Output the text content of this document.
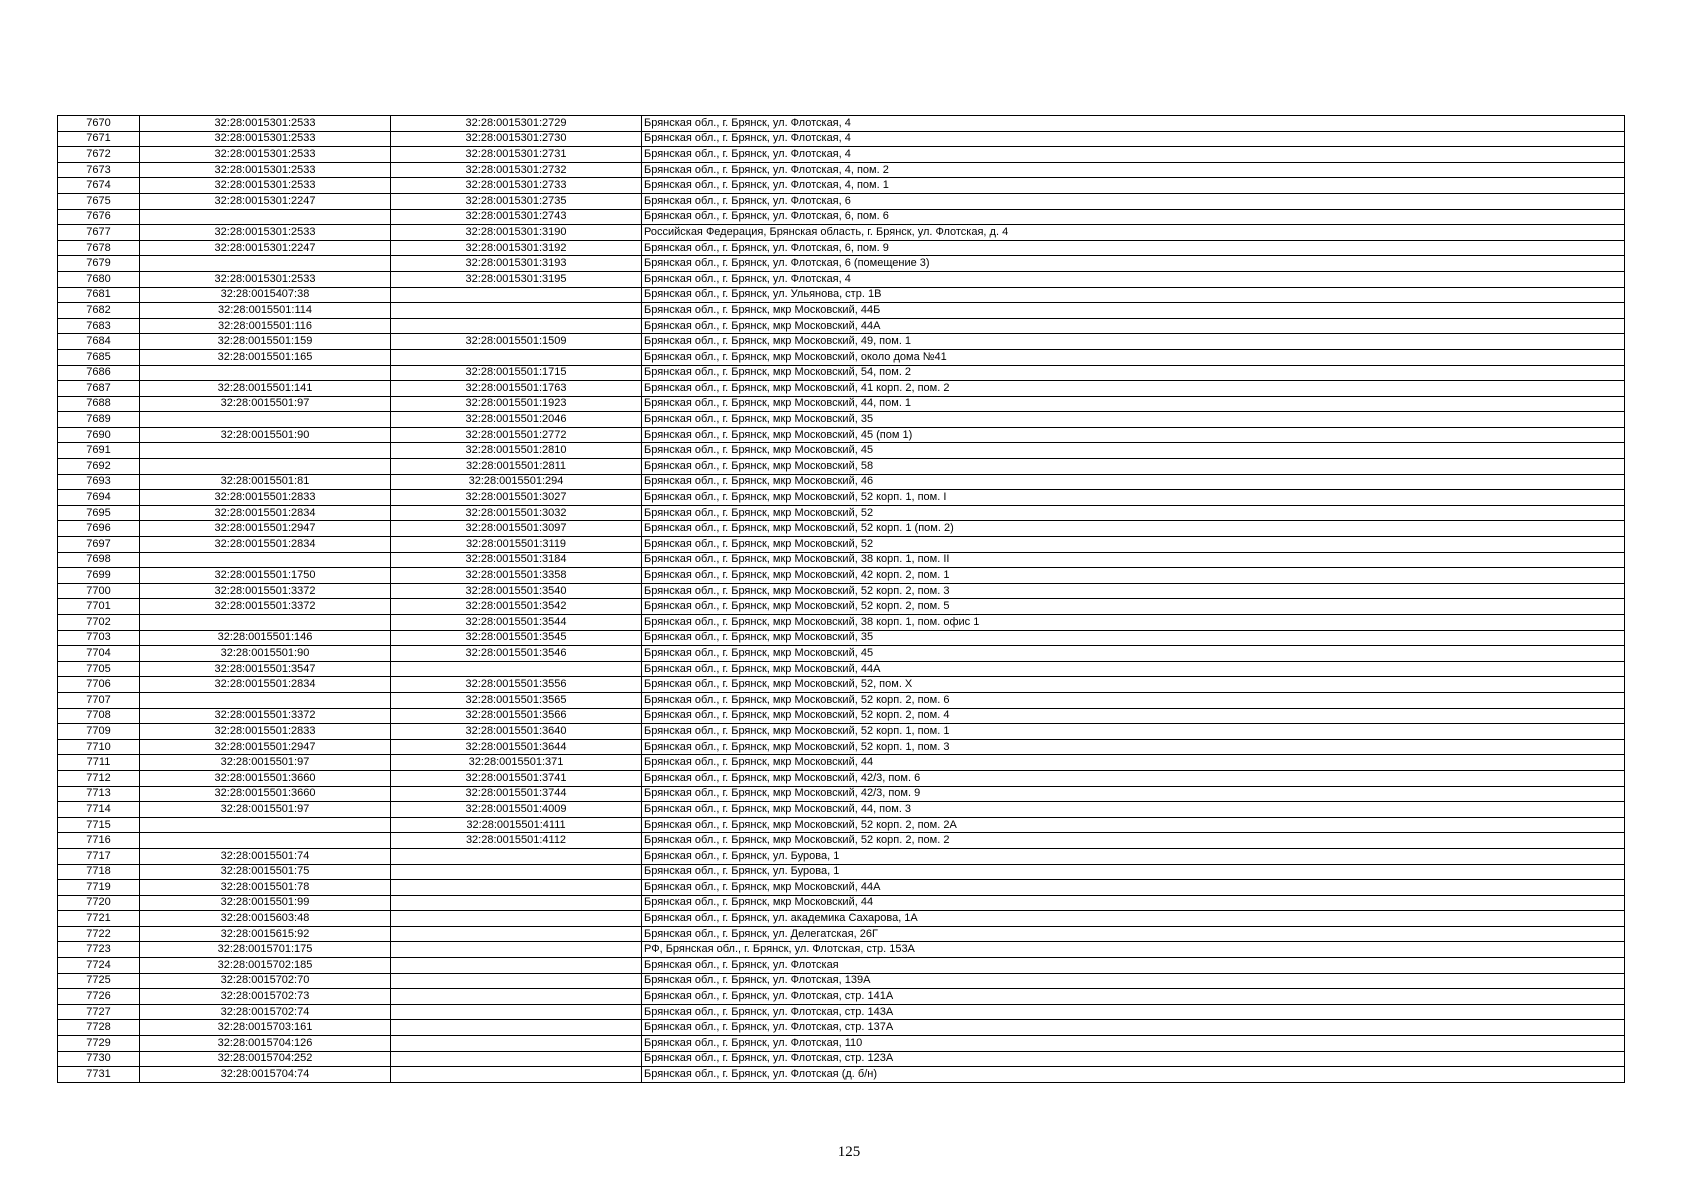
7670	32:28:0015301:2533	32:28:0015301:2729	Брянская обл., г. Брянск, ул. Флотская, 4
7671	32:28:0015301:2533	32:28:0015301:2730	Брянская обл., г. Брянск, ул. Флотская, 4
7672	32:28:0015301:2533	32:28:0015301:2731	Брянская обл., г. Брянск, ул. Флотская, 4
7673	32:28:0015301:2533	32:28:0015301:2732	Брянская обл., г. Брянск, ул. Флотская, 4, пом. 2
7674	32:28:0015301:2533	32:28:0015301:2733	Брянская обл., г. Брянск, ул. Флотская, 4, пом. 1
7675	32:28:0015301:2247	32:28:0015301:2735	Брянская обл., г. Брянск, ул. Флотская, 6
7676		32:28:0015301:2743	Брянская обл., г. Брянск, ул. Флотская, 6, пом. 6
7677	32:28:0015301:2533	32:28:0015301:3190	Российская Федерация, Брянская область, г. Брянск, ул. Флотская, д. 4
7678	32:28:0015301:2247	32:28:0015301:3192	Брянская обл., г. Брянск, ул. Флотская, 6, пом. 9
7679		32:28:0015301:3193	Брянская обл., г. Брянск, ул. Флотская, 6 (помещение 3)
7680	32:28:0015301:2533	32:28:0015301:3195	Брянская обл., г. Брянск, ул. Флотская, 4
7681	32:28:0015407:38		Брянская обл., г. Брянск, ул. Ульянова, стр. 1В
7682	32:28:0015501:114		Брянская обл., г. Брянск, мкр Московский, 44Б
7683	32:28:0015501:116		Брянская обл., г. Брянск, мкр Московский, 44А
7684	32:28:0015501:159	32:28:0015501:1509	Брянская обл., г. Брянск, мкр Московский, 49, пом. 1
7685	32:28:0015501:165		Брянская обл., г. Брянск, мкр Московский, около дома №41
7686		32:28:0015501:1715	Брянская обл., г. Брянск, мкр Московский, 54, пом. 2
7687	32:28:0015501:141	32:28:0015501:1763	Брянская обл., г. Брянск, мкр Московский, 41 корп. 2, пом. 2
7688	32:28:0015501:97	32:28:0015501:1923	Брянская обл., г. Брянск, мкр Московский, 44, пом. 1
7689		32:28:0015501:2046	Брянская обл., г. Брянск, мкр Московский, 35
7690	32:28:0015501:90	32:28:0015501:2772	Брянская обл., г. Брянск, мкр Московский, 45 (пом 1)
7691		32:28:0015501:2810	Брянская обл., г. Брянск, мкр Московский, 45
7692		32:28:0015501:2811	Брянская обл., г. Брянск, мкр Московский, 58
7693	32:28:0015501:81	32:28:0015501:294	Брянская обл., г. Брянск, мкр Московский, 46
7694	32:28:0015501:2833	32:28:0015501:3027	Брянская обл., г. Брянск, мкр Московский, 52 корп. 1, пом. I
7695	32:28:0015501:2834	32:28:0015501:3032	Брянская обл., г. Брянск, мкр Московский, 52
7696	32:28:0015501:2947	32:28:0015501:3097	Брянская обл., г. Брянск, мкр Московский, 52 корп. 1 (пом. 2)
7697	32:28:0015501:2834	32:28:0015501:3119	Брянская обл., г. Брянск, мкр Московский, 52
7698		32:28:0015501:3184	Брянская обл., г. Брянск, мкр Московский, 38 корп. 1, пом. II
7699	32:28:0015501:1750	32:28:0015501:3358	Брянская обл., г. Брянск, мкр Московский, 42 корп. 2, пом. 1
7700	32:28:0015501:3372	32:28:0015501:3540	Брянская обл., г. Брянск, мкр Московский, 52 корп. 2, пом. 3
7701	32:28:0015501:3372	32:28:0015501:3542	Брянская обл., г. Брянск, мкр Московский, 52 корп. 2, пом. 5
7702		32:28:0015501:3544	Брянская обл., г. Брянск, мкр Московский, 38 корп. 1, пом. офис 1
7703	32:28:0015501:146	32:28:0015501:3545	Брянская обл., г. Брянск, мкр Московский, 35
7704	32:28:0015501:90	32:28:0015501:3546	Брянская обл., г. Брянск, мкр Московский, 45
7705	32:28:0015501:3547		Брянская обл., г. Брянск, мкр Московский, 44А
7706	32:28:0015501:2834	32:28:0015501:3556	Брянская обл., г. Брянск, мкр Московский, 52, пом. X
7707		32:28:0015501:3565	Брянская обл., г. Брянск, мкр Московский, 52 корп. 2, пом. 6
7708	32:28:0015501:3372	32:28:0015501:3566	Брянская обл., г. Брянск, мкр Московский, 52 корп. 2, пом. 4
7709	32:28:0015501:2833	32:28:0015501:3640	Брянская обл., г. Брянск, мкр Московский, 52 корп. 1, пом. 1
7710	32:28:0015501:2947	32:28:0015501:3644	Брянская обл., г. Брянск, мкр Московский, 52 корп. 1, пом. 3
7711	32:28:0015501:97	32:28:0015501:371	Брянская обл., г. Брянск, мкр Московский, 44
7712	32:28:0015501:3660	32:28:0015501:3741	Брянская обл., г. Брянск, мкр Московский, 42/3, пом. 6
7713	32:28:0015501:3660	32:28:0015501:3744	Брянская обл., г. Брянск, мкр Московский, 42/3, пом. 9
7714	32:28:0015501:97	32:28:0015501:4009	Брянская обл., г. Брянск, мкр Московский, 44, пом. 3
7715		32:28:0015501:4111	Брянская обл., г. Брянск, мкр Московский, 52 корп. 2, пом. 2А
7716		32:28:0015501:4112	Брянская обл., г. Брянск, мкр Московский, 52 корп. 2, пом. 2
7717	32:28:0015501:74		Брянская обл., г. Брянск, ул. Бурова, 1
7718	32:28:0015501:75		Брянская обл., г. Брянск, ул. Бурова, 1
7719	32:28:0015501:78		Брянская обл., г. Брянск, мкр Московский, 44А
7720	32:28:0015501:99		Брянская обл., г. Брянск, мкр Московский, 44
7721	32:28:0015603:48		Брянская обл., г. Брянск, ул. академика Сахарова, 1А
7722	32:28:0015615:92		Брянская обл., г. Брянск, ул. Делегатская, 26Г
7723	32:28:0015701:175		РФ, Брянская обл., г. Брянск, ул. Флотская, стр. 153А
7724	32:28:0015702:185		Брянская обл., г. Брянск, ул. Флотская
7725	32:28:0015702:70		Брянская обл., г. Брянск, ул. Флотская, 139А
7726	32:28:0015702:73		Брянская обл., г. Брянск, ул. Флотская, стр. 141А
7727	32:28:0015702:74		Брянская обл., г. Брянск, ул. Флотская, стр. 143А
7728	32:28:0015703:161		Брянская обл., г. Брянск, ул. Флотская, стр. 137А
7729	32:28:0015704:126		Брянская обл., г. Брянск, ул. Флотская, 110
7730	32:28:0015704:252		Брянская обл., г. Брянск, ул. Флотская, стр. 123А
7731	32:28:0015704:74		Брянская обл., г. Брянск, ул. Флотская (д. б/н)
125
